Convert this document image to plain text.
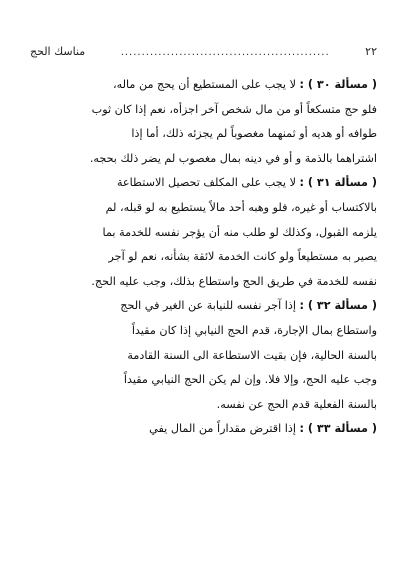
٢٢
..................................................
مناسك الحج
( مسألة ٣٠ ) : لا يجب على المستطيع أن يحج من ماله،
فلو حج متسكعاً أو من مال شخص آخر اجزأه، نعم إذا كان ثوب
طوافه أو هديه أو ثمنهما مغصوباً لم يجزئه ذلك، أما إذا
اشتراهما بالذمة و أو في دينه بمال مغصوب لم يضر ذلك بحجه.
( مسألة ٣١ ) : لا يجب على المكلف تحصيل الاستطاعة
بالاكتساب أو غيره، فلو وهبه أحد مالاً يستطيع به لو قبله، لم
يلزمه القبول، وكذلك لو طلب منه أن يؤجر نفسه للخدمة بما
يصير به مستطيعاً ولو كانت الخدمة لائقة بشأنه، نعم لو آجر
نفسه للخدمة في طريق الحج واستطاع بذلك، وجب عليه الحج.
( مسألة ٣٢ ) : إذا آجر نفسه للنيابة عن الغير في الحج
واستطاع بمال الإجارة، قدم الحج النيابي إذا كان مقيداً
بالسنة الحالية، فإن بقيت الاستطاعة الى السنة القادمة
وجب عليه الحج، وإلا فلا. وإن لم يكن الحج النيابي مقيداً
بالسنة الفعلية قدم الحج عن نفسه.
( مسألة ٣٣ ) : إذا اقترض مقداراً من المال يفي
